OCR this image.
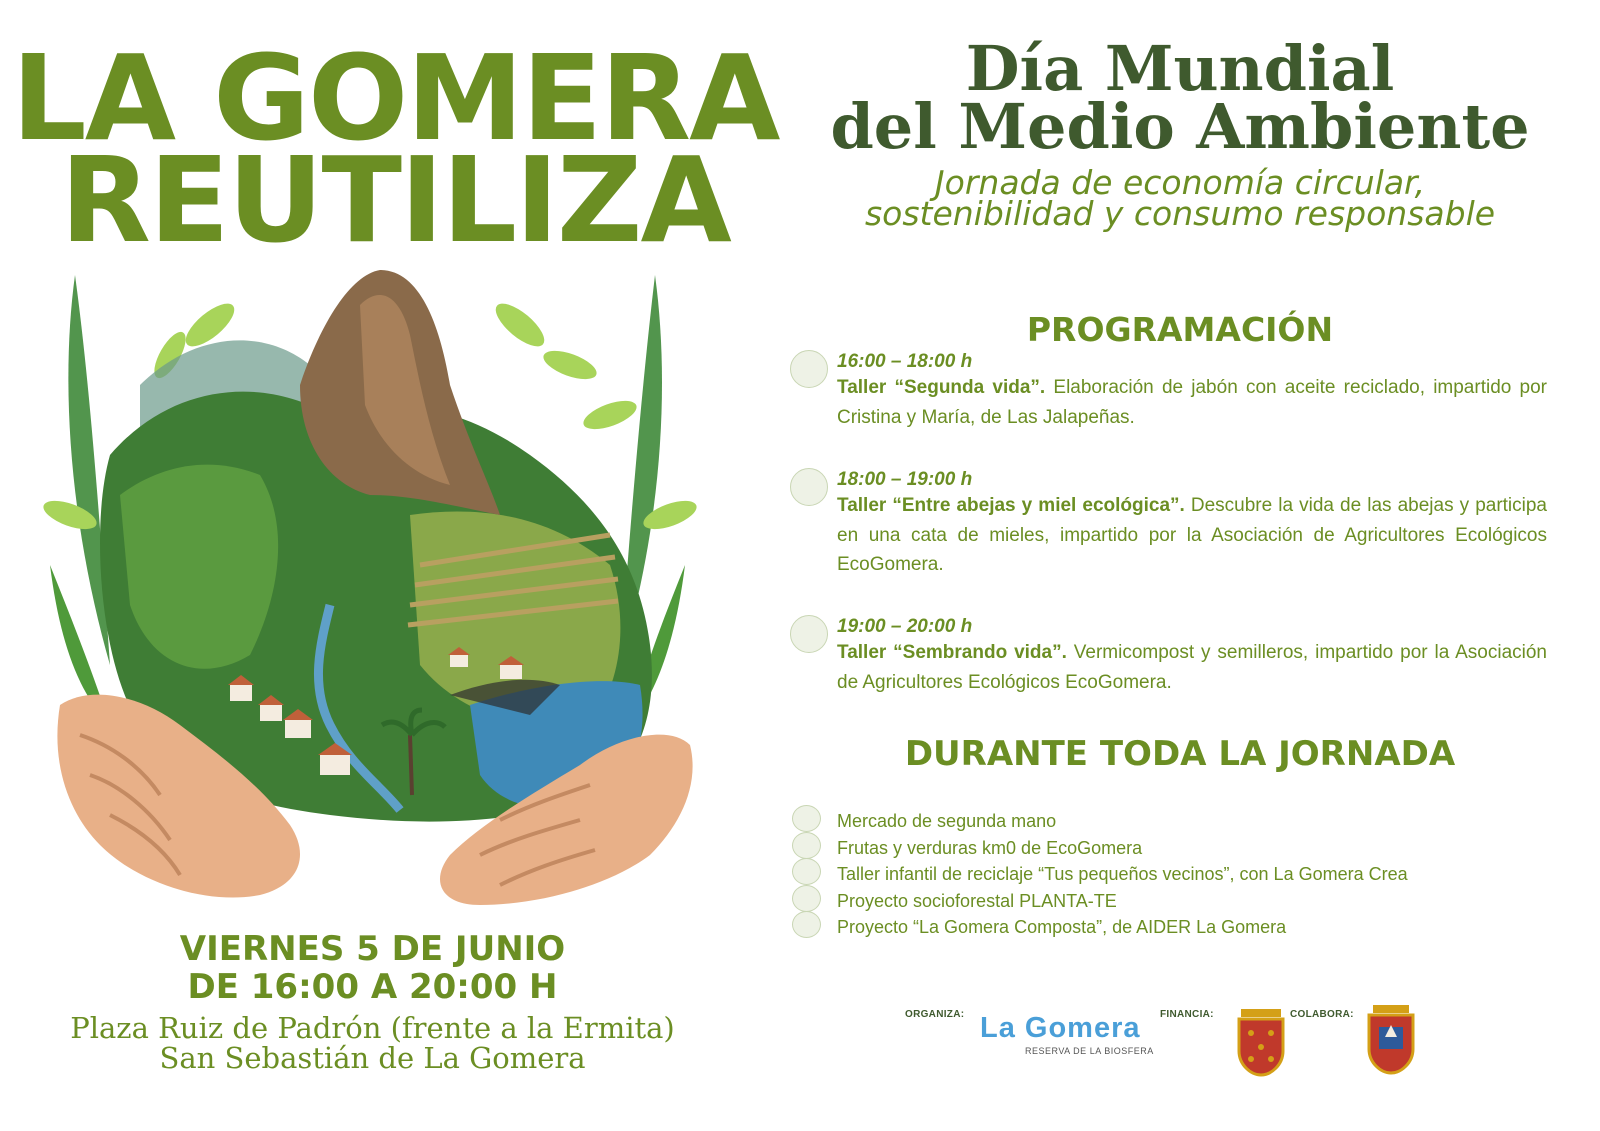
LA GOMERA
REUTILIZA
VIERNES 5 DE JUNIO
DE 16:00 A 20:00 H
Plaza Ruiz de Padrón (frente a la Ermita)
San Sebastián de La Gomera
Día Mundial
del Medio Ambiente
Jornada de economía circular,
sostenibilidad y consumo responsable
PROGRAMACIÓN
16:00 – 18:00 h
Taller “Segunda vida”. Elaboración de jabón con aceite reciclado, impartido por Cristina y María, de Las Jalapeñas.
18:00 – 19:00 h
Taller “Entre abejas y miel ecológica”. Descubre la vida de las abejas y participa en una cata de mieles, impartido por la Asociación de Agricultores Ecológicos EcoGomera.
19:00 – 20:00 h
Taller “Sembrando vida”. Vermicompost y semilleros, impartido por la Asociación de Agricultores Ecológicos EcoGomera.
DURANTE TODA LA JORNADA
Mercado de segunda mano
Frutas y verduras km0 de EcoGomera
Taller infantil de reciclaje “Tus pequeños vecinos”, con La Gomera Crea
Proyecto socioforestal PLANTA-TE
Proyecto “La Gomera Composta”, de AIDER La Gomera
ORGANIZA: La Gomera
RESERVA DE LA BIOSFERA
FINANCIA:	COLABORA:
